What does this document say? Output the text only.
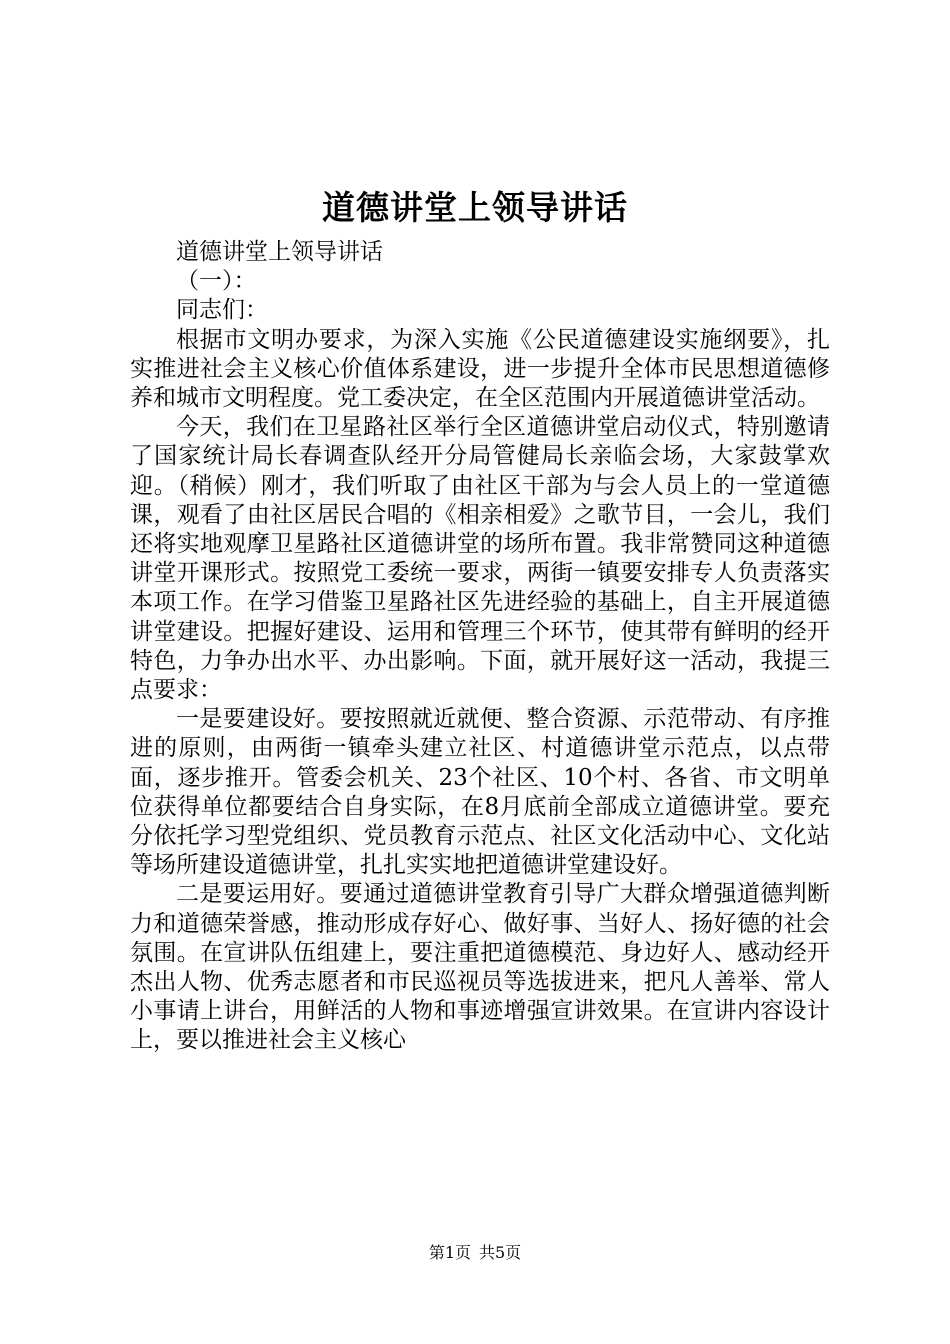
道德讲堂上领导讲话

道德讲堂上领导讲话

（一）：

同志们：

根据市文明办要求，为深入实施《公民道德建设实施纲要》，扎实推进社会主义核心价值体系建设，进一步提升全体市民思想道德修养和城市文明程度。党工委决定，在全区范围内开展道德讲堂活动。

今天，我们在卫星路社区举行全区道德讲堂启动仪式，特别邀请了国家统计局长春调查队经开分局管健局长亲临会场，大家鼓掌欢迎。（稍候）刚才，我们听取了由社区干部为与会人员上的一堂道德课，观看了由社区居民合唱的《相亲相爱》之歌节目，一会儿，我们还将实地观摩卫星路社区道德讲堂的场所布置。我非常赞同这种道德讲堂开课形式。按照党工委统一要求，两街一镇要安排专人负责落实本项工作。在学习借鉴卫星路社区先进经验的基础上，自主开展道德讲堂建设。把握好建设、运用和管理三个环节，使其带有鲜明的经开特色，力争办出水平、办出影响。下面，就开展好这一活动，我提三点要求：

一是要建设好。要按照就近就便、整合资源、示范带动、有序推进的原则，由两街一镇牵头建立社区、村道德讲堂示范点，以点带面，逐步推开。管委会机关、23个社区、10个村、各省、市文明单位获得单位都要结合自身实际，在8月底前全部成立道德讲堂。要充分依托学习型党组织、党员教育示范点、社区文化活动中心、文化站等场所建设道德讲堂，扎扎实实地把道德讲堂建设好。

二是要运用好。要通过道德讲堂教育引导广大群众增强道德判断力和道德荣誉感，推动形成存好心、做好事、当好人、扬好德的社会氛围。在宣讲队伍组建上，要注重把道德模范、身边好人、感动经开杰出人物、优秀志愿者和市民巡视员等选拔进来，把凡人善举、常人小事请上讲台，用鲜活的人物和事迹增强宣讲效果。在宣讲内容设计上，要以推进社会主义核心

第1页 共5页
